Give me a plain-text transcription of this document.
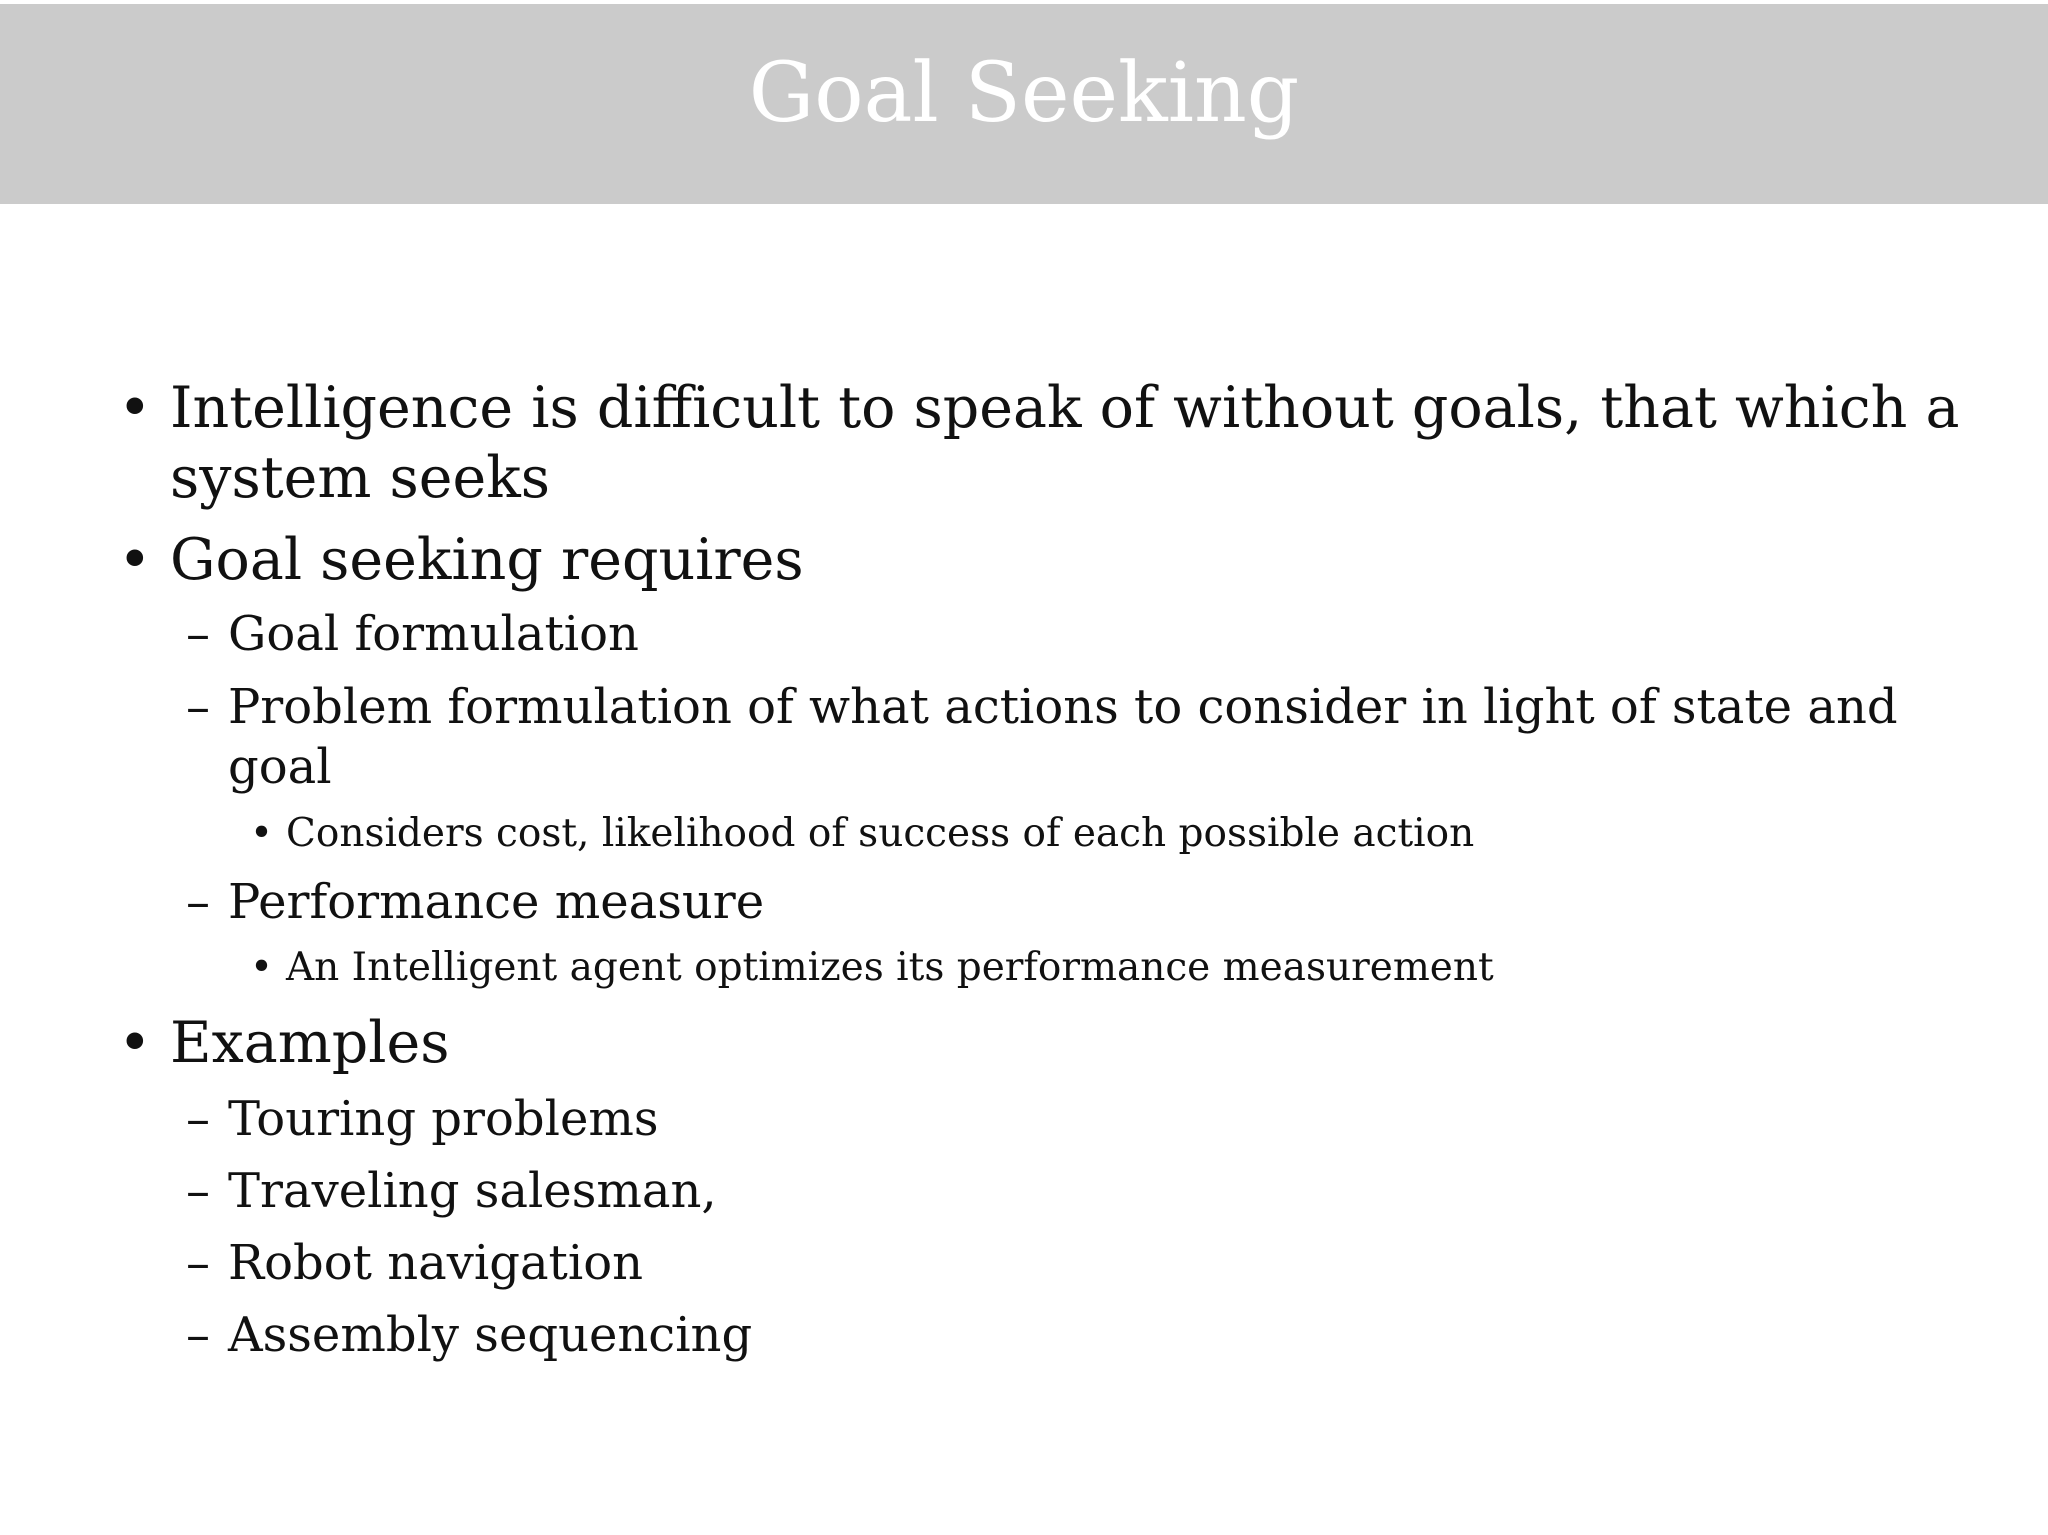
Goal Seeking
• Intelligence is difficult to speak of without goals, that which a
system seeks
• Goal seeking requires
– Goal formulation
– Problem formulation of what actions to consider in light of state and
goal
• Considers cost, likelihood of success of each possible action
– Performance measure
• An Intelligent agent optimizes its performance measurement
• Examples
– Touring problems
– Traveling salesman,
– Robot navigation
– Assembly sequencing
